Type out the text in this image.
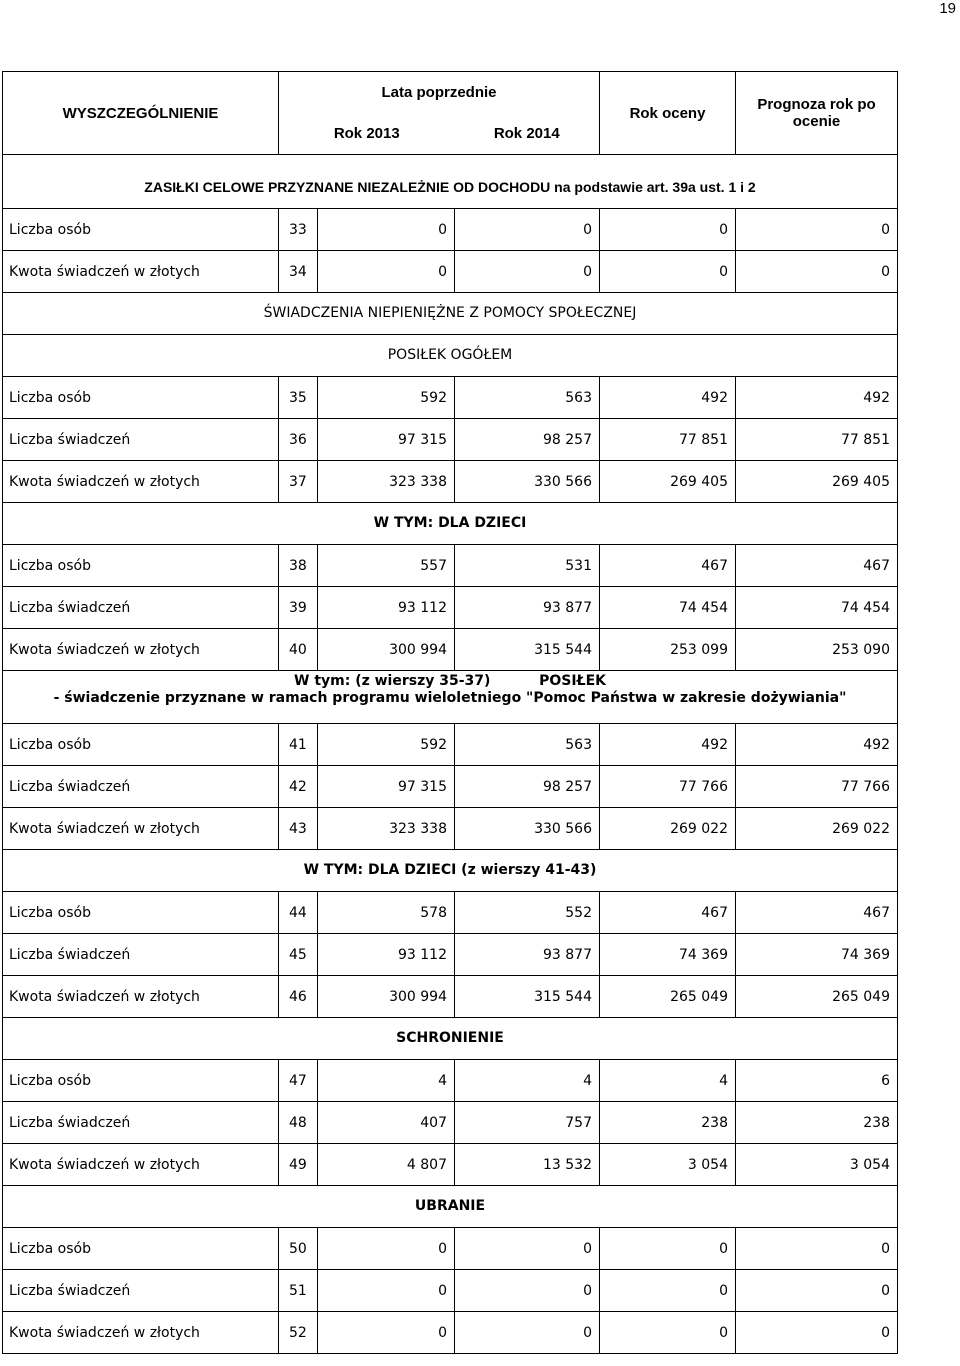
19
WYSZCZEGÓLNIENIE	Lata poprzednie			Rok oceny	Prognoza rok po ocenie
	Rok 2013		Rok 2014		
ZASIŁKI CELOWE PRZYZNANE NIEZALEŻNIE OD DOCHODU na podstawie art. 39a ust. 1 i 2					
Liczba osób	33	0	0	0	0
Kwota świadczeń w złotych	34	0	0	0	0
ŚWIADCZENIA NIEPIENIĘŻNE Z POMOCY SPOŁECZNEJ					
POSIŁEK OGÓŁEM					
Liczba osób	35	592	563	492	492
Liczba świadczeń	36	97 315	98 257	77 851	77 851
Kwota świadczeń w złotych	37	323 338	330 566	269 405	269 405
W TYM: DLA DZIECI					
Liczba osób	38	557	531	467	467
Liczba świadczeń	39	93 112	93 877	74 454	74 454
Kwota świadczeń w złotych	40	300 994	315 544	253 099	253 090

W tym: (z wierszy 35-37)          POSIŁEK
- świadczenie przyznane w ramach programu wieloletniego "Pomoc Państwa w zakresie dożywiania"					

Liczba osób	41	592	563	492	492
Liczba świadczeń	42	97 315	98 257	77 766	77 766
Kwota świadczeń w złotych	43	323 338	330 566	269 022	269 022
W TYM: DLA DZIECI (z wierszy 41-43)					
Liczba osób	44	578	552	467	467
Liczba świadczeń	45	93 112	93 877	74 369	74 369
Kwota świadczeń w złotych	46	300 994	315 544	265 049	265 049
SCHRONIENIE					
Liczba osób	47	4	4	4	6
Liczba świadczeń	48	407	757	238	238
Kwota świadczeń w złotych	49	4 807	13 532	3 054	3 054
UBRANIE					
Liczba osób	50	0	0	0	0
Liczba świadczeń	51	0	0	0	0
Kwota świadczeń w złotych	52	0	0	0	0
